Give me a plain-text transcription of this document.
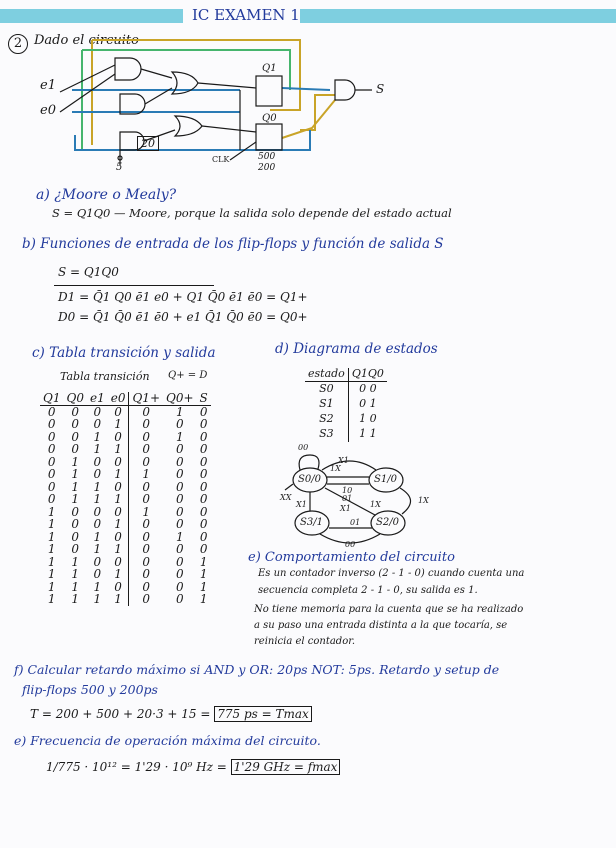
IC EXAMEN 1
2 Dado el circuito
e1
e0
Q1
Q0
20
5
CLK	500
200
S
a) ¿Moore o Mealy?
S = Q1Q0 — Moore, porque la salida solo depende del estado actual
b) Funciones de entrada de los flip-flops y función de salida S
S = Q1Q0
D1 = Q̄1 Q0 ē1 e0 + Q1 Q̄0 ē1 ē0 = Q1+
D0 = Q̄1 Q̄0 ē1 ē0 + e1 Q̄1 Q̄0 ē0 = Q0+
c) Tabla transición y salida
Tabla transición Q+ = D
Q1	Q0	e1	e0	Q1+	Q0+	S
0	0	0	0	0	1	0
0	0	0	1	0	0	0
0	0	1	0	0	1	0
0	0	1	1	0	0	0
0	1	0	0	0	0	0
0	1	0	1	1	0	0
0	1	1	0	0	0	0
0	1	1	1	0	0	0
1	0	0	0	1	0	0
1	0	0	1	0	0	0
1	0	1	0	0	1	0
1	0	1	1	0	0	0
1	1	0	0	0	0	1
1	1	0	1	0	0	1
1	1	1	0	0	0	1
1	1	1	1	0	0	1
d) Diagrama de estados
estado	Q1Q0
S0	0 0
S1	0 1
S2	1 0
S3	1 1
S0/0	S1/0
S2/0
S3/1
00
1X
X1
10
01
XX	1X
00
X1
01
X1 1X
e) Comportamiento del circuito
Es un contador inverso (2 - 1 - 0) cuando cuenta una
secuencia completa 2 - 1 - 0, su salida es 1.
No tiene memoria para la cuenta que se ha realizado
a su paso una entrada distinta a la que tocaría, se
reinicia el contador.
f) Calcular retardo máximo si AND y OR: 20ps NOT: 5ps. Retardo y setup de
flip-flops 500 y 200ps
T = 200 + 500 + 20·3 + 15 = 775 ps = Tmax
e) Frecuencia de operación máxima del circuito.
1/775 · 10¹² = 1'29 · 10⁹ Hz = 1'29 GHz = fmax
